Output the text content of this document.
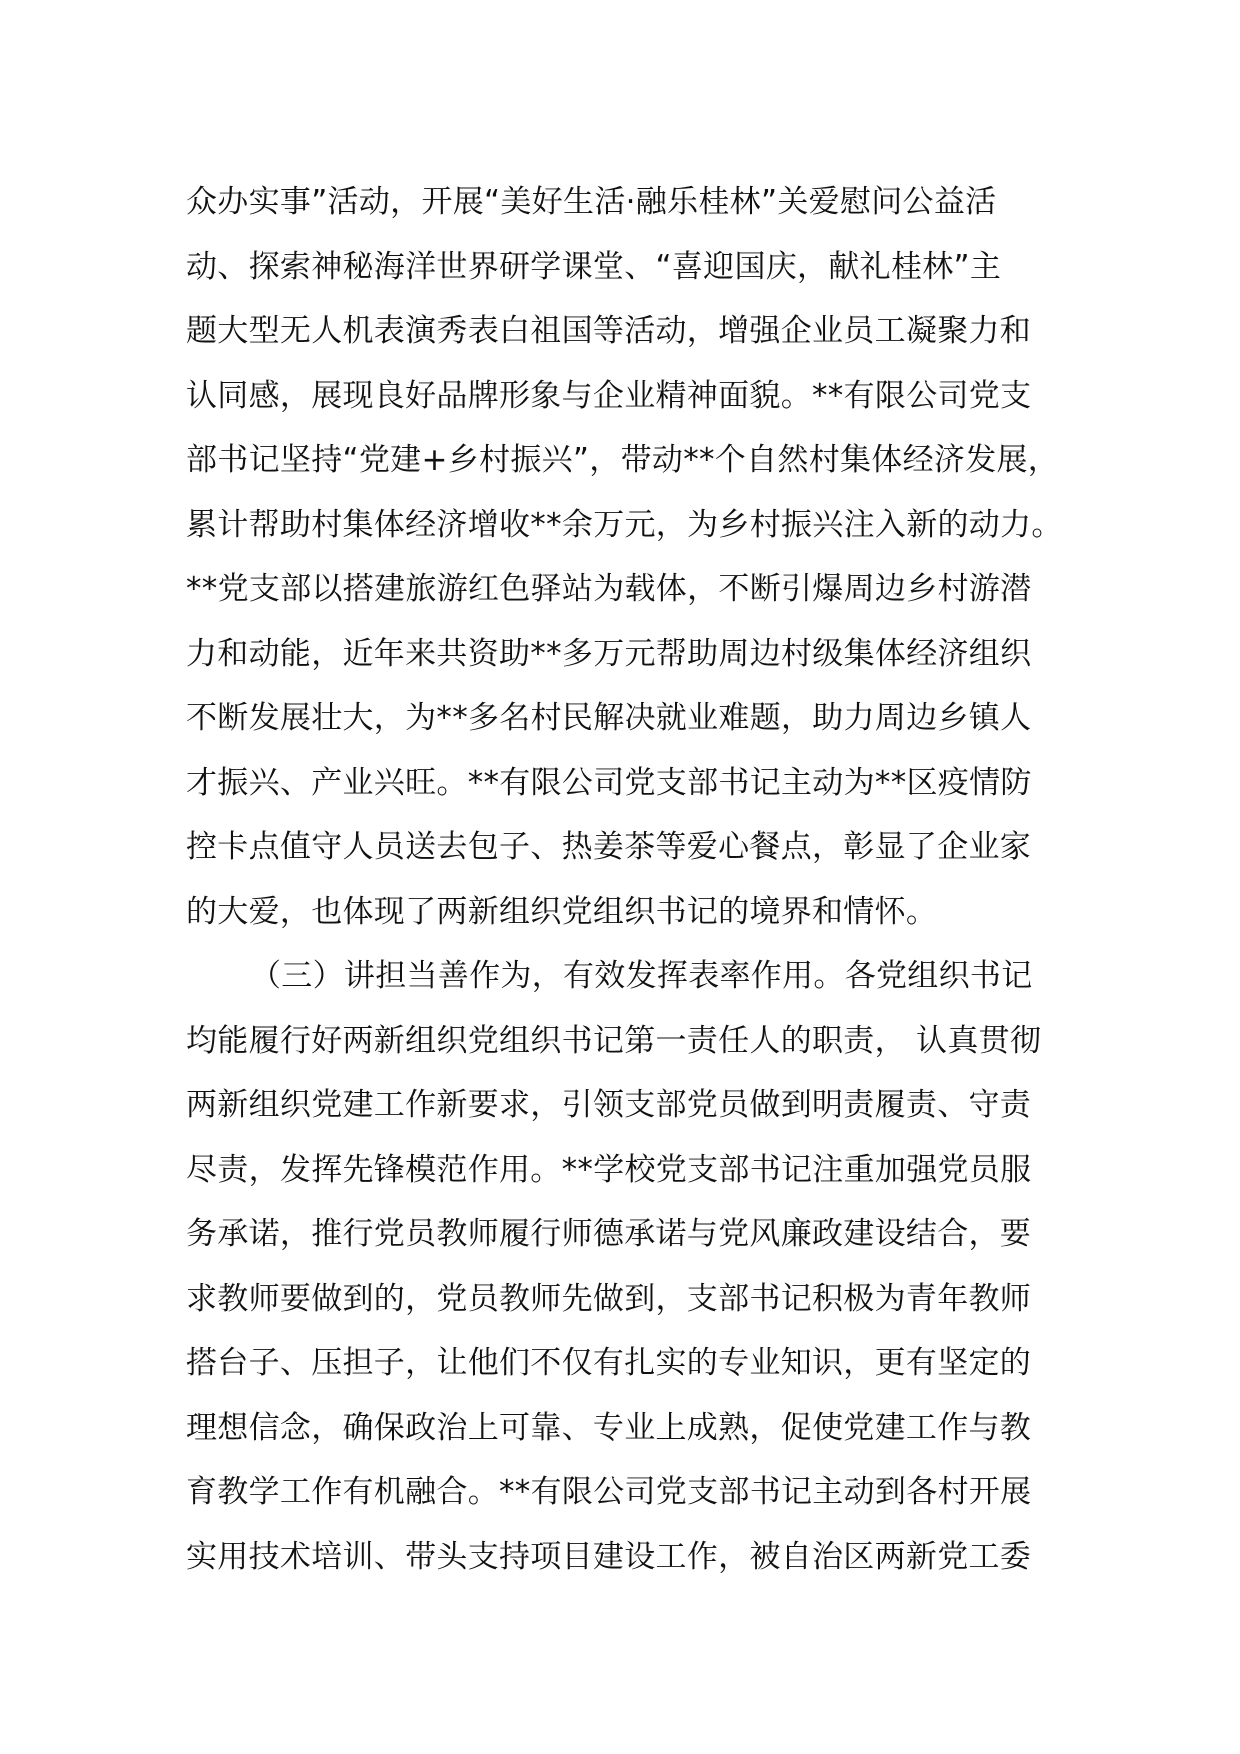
众办实事”活动，开展“美好生活·融乐桂林”关爱慰问公益活
动、探索神秘海洋世界研学课堂、“喜迎国庆，献礼桂林”主
题大型无人机表演秀表白祖国等活动，增强企业员工凝聚力和
认同感，展现良好品牌形象与企业精神面貌。**有限公司党支
部书记坚持“党建+乡村振兴”，带动**个自然村集体经济发展，
累计帮助村集体经济增收**余万元，为乡村振兴注入新的动力。
**党支部以搭建旅游红色驿站为载体，不断引爆周边乡村游潜
力和动能，近年来共资助**多万元帮助周边村级集体经济组织
不断发展壮大，为**多名村民解决就业难题，助力周边乡镇人
才振兴、产业兴旺。**有限公司党支部书记主动为**区疫情防
控卡点值守人员送去包子、热姜茶等爱心餐点，彰显了企业家
的大爱，也体现了两新组织党组织书记的境界和情怀。
（三）讲担当善作为，有效发挥表率作用。各党组织书记
均能履行好两新组织党组织书记第一责任人的职责， 认真贯彻
两新组织党建工作新要求，引领支部党员做到明责履责、守责
尽责，发挥先锋模范作用。**学校党支部书记注重加强党员服
务承诺，推行党员教师履行师德承诺与党风廉政建设结合，要
求教师要做到的，党员教师先做到，支部书记积极为青年教师
搭台子、压担子，让他们不仅有扎实的专业知识，更有坚定的
理想信念，确保政治上可靠、专业上成熟，促使党建工作与教
育教学工作有机融合。**有限公司党支部书记主动到各村开展
实用技术培训、带头支持项目建设工作，被自治区两新党工委
